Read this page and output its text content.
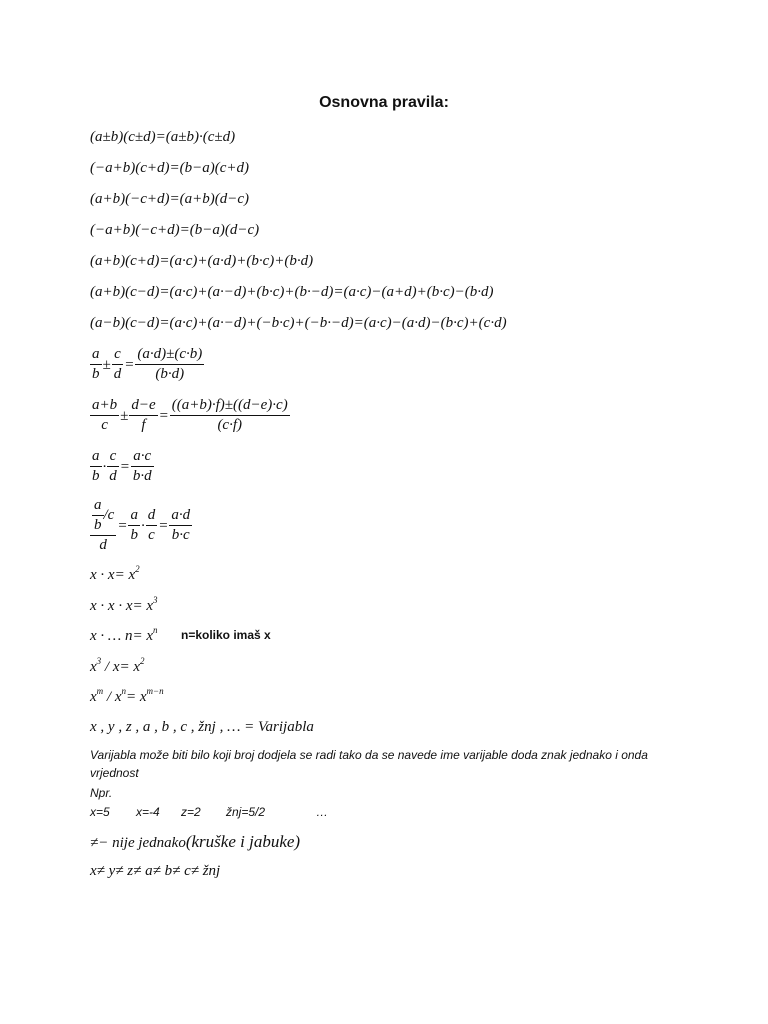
Osnovna pravila:
(a±b)(c±d)=(a±b)·(c±d)
(−a+b)(c+d)=(b−a)(c+d)
(a+b)(−c+d)=(a+b)(d−c)
(−a+b)(−c+d)=(b−a)(d−c)
(a+b)(c+d)=(a·c)+(a·d)+(b·c)+(b·d)
(a+b)(c−d)=(a·c)+(a·−d)+(b·c)+(b·−d)=(a·c)−(a+d)+(b·c)−(b·d)
(a−b)(c−d)=(a·c)+(a·−d)+(−b·c)+(−b·−d)=(a·c)−(a·d)−(b·c)+(c·d)
$\frac{a}{b} \pm \frac{c}{d} = \frac{(a\cdot d)\pm(c\cdot b)}{(b\cdot d)}$
$\frac{a+b}{c} \pm \frac{d-e}{f} = \frac{((a+b)\cdot f)\pm((d-e)\cdot c)}{(c\cdot f)}$
$\frac{a}{b} \cdot \frac{c}{d} = \frac{a\cdot c}{b\cdot d}$
$\frac{\frac{a}{b} /c}{d} = \frac{a}{b} \cdot \frac{d}{c} = \frac{a\cdot d}{b\cdot c}$
$x \cdot x= x^2$
$x \cdot x \cdot x= x^3$
x · … $n= x^n$ n=koliko imaš x
$x^3 / x= x^2$
$x^m / x^n= x^{m-n}$
x , y , z , a , b , c , žnj , … = Varijabla
Varijabla može biti bilo koji broj dodjela se radi tako da se navede ime varijable doda znak jednako i onda vrjednost
Npr.
x=5 x=-4 z=2 žnj=5/2	…
≠− nije jednako(kruške i jabuke)
x≠ y≠ z≠ a≠ b≠ c≠ žnj
